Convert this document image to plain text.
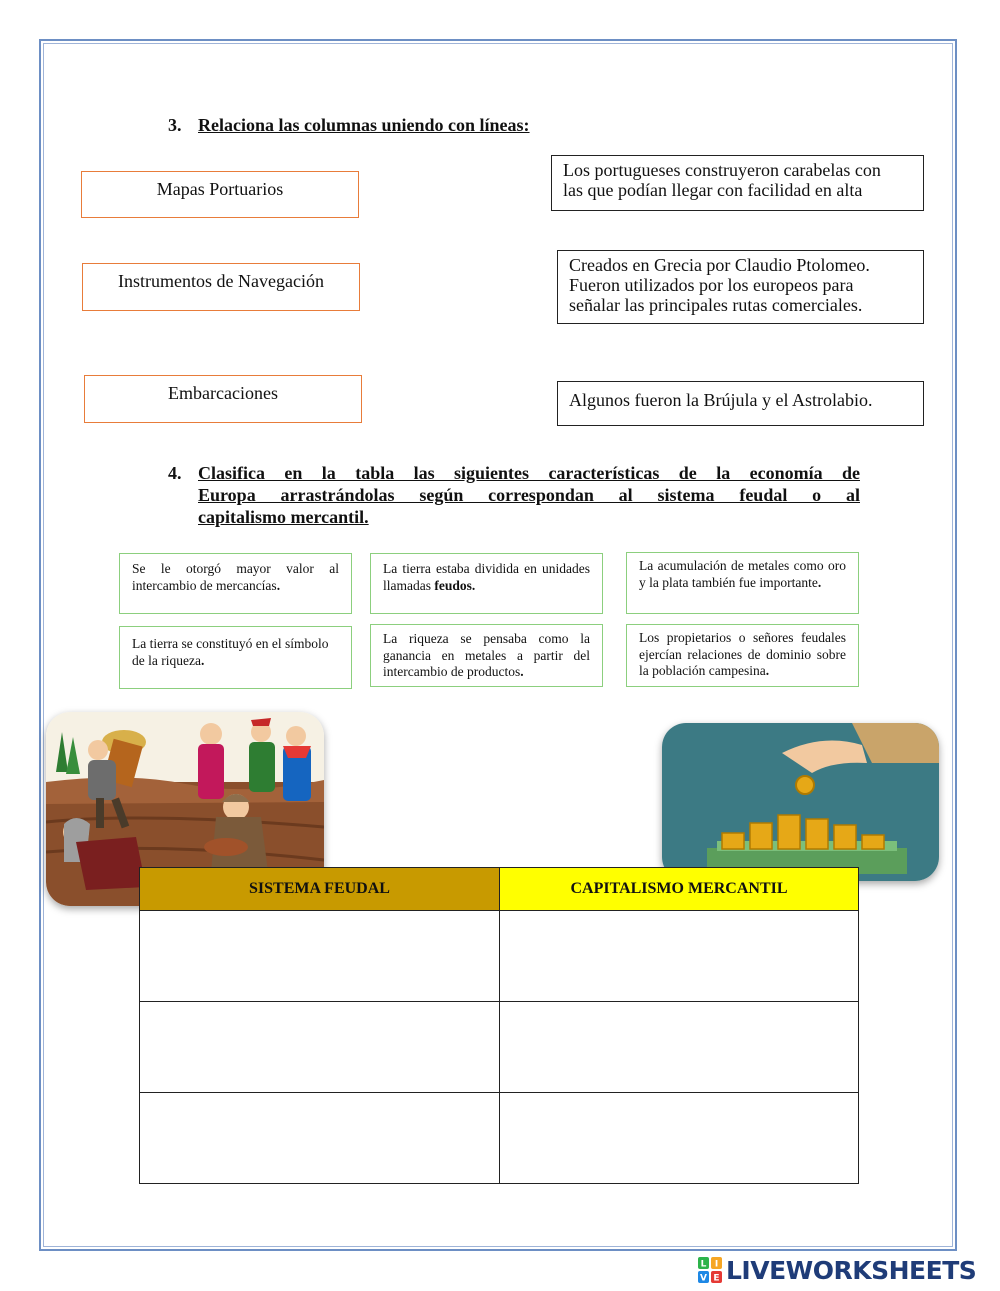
3. Relaciona las columnas uniendo con líneas:
Mapas Portuarios
Instrumentos de Navegación
Embarcaciones
Los portugueses construyeron carabelas con
las que podían llegar con facilidad en alta
Creados en Grecia por Claudio Ptolomeo.
Fueron utilizados por los europeos para
señalar las principales rutas comerciales.
Algunos fueron la Brújula y el Astrolabio.
4. Clasifica en la tabla las siguientes características de la economía de
Europa arrastrándolas según correspondan al sistema feudal o al
capitalismo mercantil.
Se le otorgó mayor valor al intercambio de mercancías.
La tierra estaba dividida en unidades llamadas feudos.
La acumulación de metales como oro y la plata también fue importante.
La tierra se constituyó en el símbolo de la riqueza.
La riqueza se pensaba como la ganancia en metales a partir del intercambio de productos.
Los propietarios o señores feudales ejercían relaciones de dominio sobre la población campesina.
SISTEMA FEUDAL	CAPITALISMO MERCANTIL

L I
V E LIVEWORKSHEETS
